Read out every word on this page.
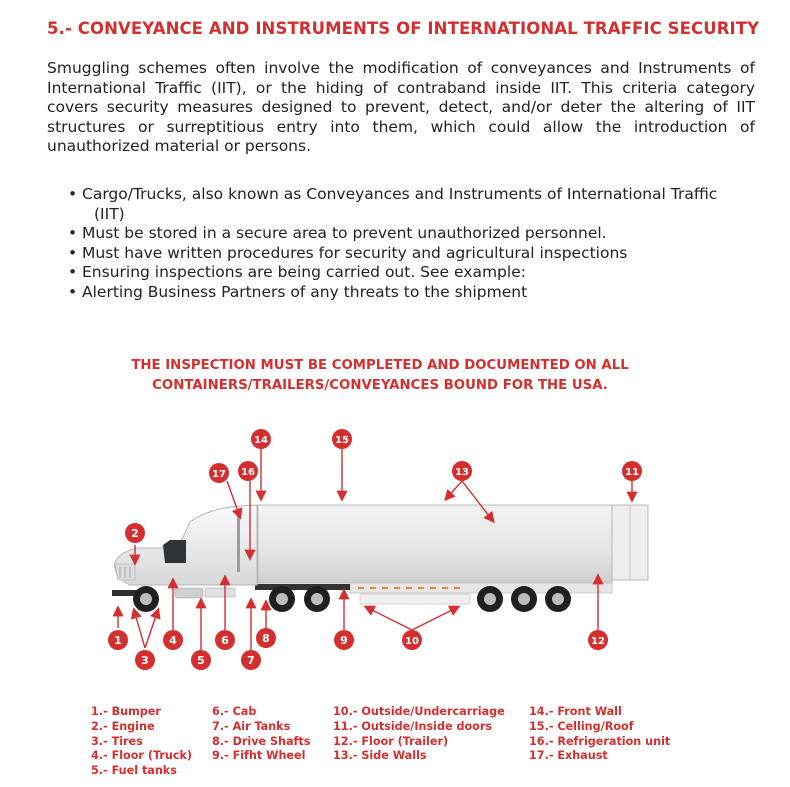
5.- CONVEYANCE AND INSTRUMENTS OF INTERNATIONAL TRAFFIC SECURITY
Smuggling schemes often involve the modification of conveyances and Instruments of International Traffic (IIT), or the hiding of contraband inside IIT. This criteria category covers security measures designed to prevent, detect, and/or deter the altering of IIT structures or surreptitious entry into them, which could allow the introduction of unauthorized material or persons.
• Cargo/Trucks, also known as Conveyances and Instruments of International Traffic
(IIT)
• Must be stored in a secure area to prevent unauthorized personnel.
• Must have written procedures for security and agricultural inspections
• Ensuring inspections are being carried out. See example:
• Alerting Business Partners of any threats to the shipment
THE INSPECTION MUST BE COMPLETED AND DOCUMENTED ON ALL
CONTAINERS/TRAILERS/CONVEYANCES BOUND FOR THE USA.
1
2
3
4
5
6
7
8	9	10
11
12
13
14	15
16
17
1.- Bumper
2.- Engine
3.- Tires
4.- Floor (Truck)
5.- Fuel tanks
6.- Cab
7.- Air Tanks
8.- Drive Shafts
9.- Fifht Wheel
10.- Outside/Undercarriage
11.- Outside/Inside doors
12.- Floor (Trailer)
13.- Side Walls
14.- Front Wall
15.- Celling/Roof
16.- Refrigeration unit
17.- Exhaust
